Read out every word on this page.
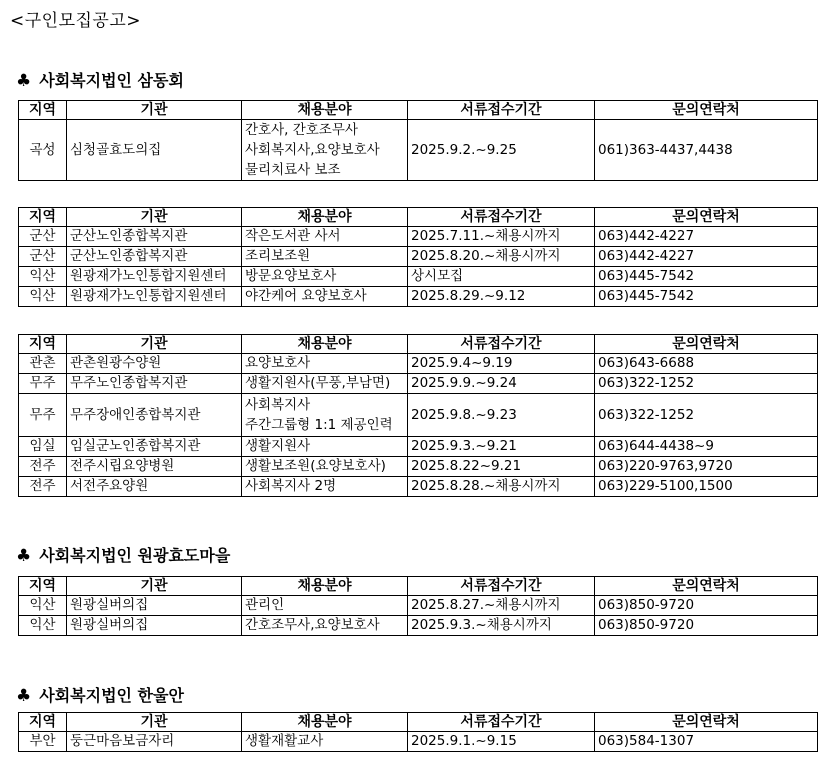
<구인모집공고>
♣ 사회복지법인 삼동회
지역	기관	채용분야	서류접수기간	문의연락처
곡성	심청골효도의집	간호사, 간호조무사
사회복지사,요양보호사
물리치료사 보조	2025.9.2.~9.25	061)363-4437,4438
지역	기관	채용분야	서류접수기간	문의연락처
군산	군산노인종합복지관	작은도서관 사서	2025.7.11.~채용시까지	063)442-4227
군산	군산노인종합복지관	조리보조원	2025.8.20.~채용시까지	063)442-4227
익산	원광재가노인통합지원센터	방문요양보호사	상시모집	063)445-7542
익산	원광재가노인통합지원센터	야간케어 요양보호사	2025.8.29.~9.12	063)445-7542
지역	기관	채용분야	서류접수기간	문의연락처
관촌	관촌원광수양원	요양보호사	2025.9.4~9.19	063)643-6688
무주	무주노인종합복지관	생활지원사(무풍,부남면)	2025.9.9.~9.24	063)322-1252
무주	무주장애인종합복지관	사회복지사
주간그룹형 1:1 제공인력	2025.9.8.~9.23	063)322-1252
임실	임실군노인종합복지관	생활지원사	2025.9.3.~9.21	063)644-4438~9
전주	전주시립요양병원	생활보조원(요양보호사)	2025.8.22~9.21	063)220-9763,9720
전주	서전주요양원	사회복지사 2명	2025.8.28.~채용시까지	063)229-5100,1500
♣ 사회복지법인 원광효도마을
지역	기관	채용분야	서류접수기간	문의연락처
익산	원광실버의집	관리인	2025.8.27.~채용시까지	063)850-9720
익산	원광실버의집	간호조무사,요양보호사	2025.9.3.~채용시까지	063)850-9720
♣ 사회복지법인 한울안
지역	기관	채용분야	서류접수기간	문의연락처
부안	둥근마음보금자리	생활재활교사	2025.9.1.~9.15	063)584-1307
